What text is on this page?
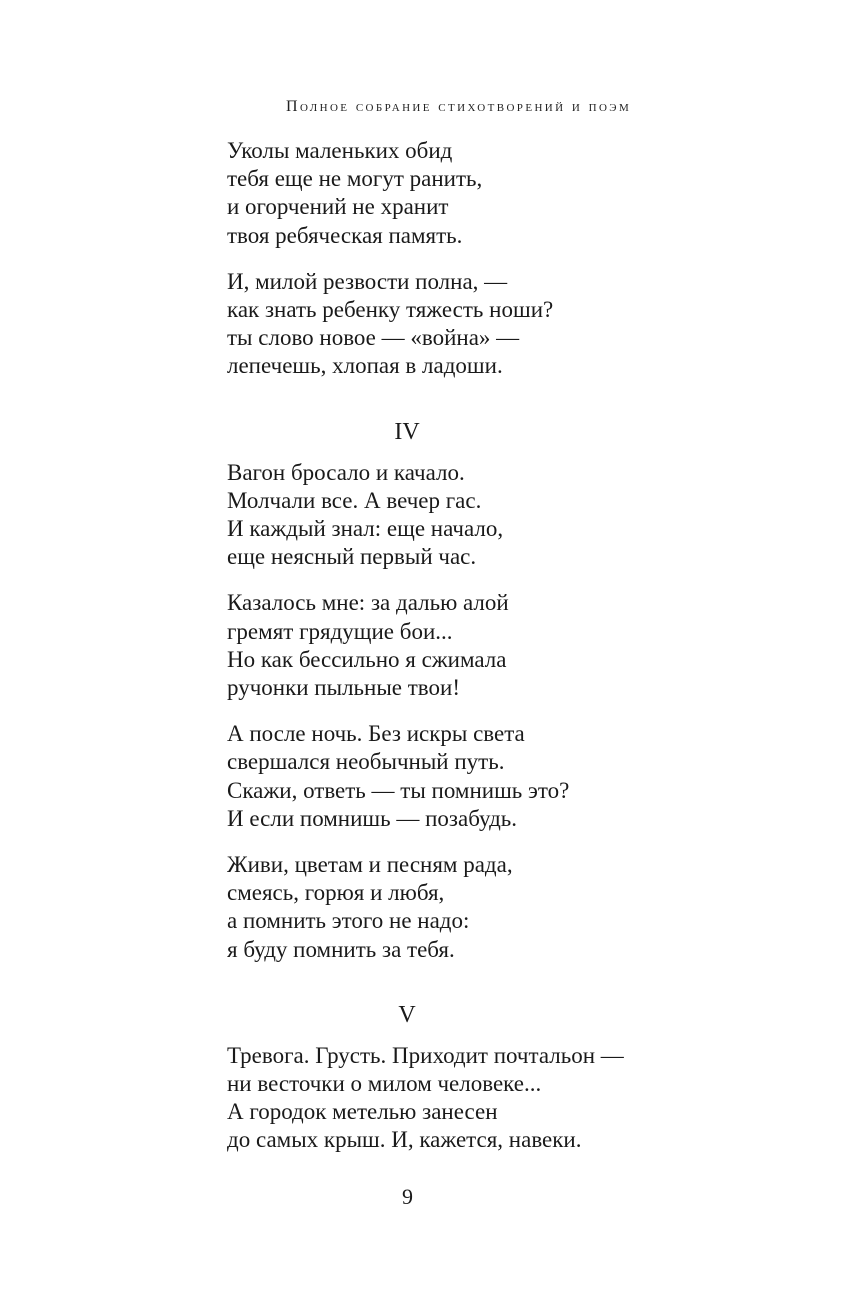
Полное собрание стихотворений и поэм
Уколы маленьких обид
тебя еще не могут ранить,
и огорчений не хранит
твоя ребяческая память.
И, милой резвости полна, —
как знать ребенку тяжесть ноши?
ты слово новое — «война» —
лепечешь, хлопая в ладоши.
IV
Вагон бросало и качало.
Молчали все. А вечер гас.
И каждый знал: еще начало,
еще неясный первый час.
Казалось мне: за далью алой
гремят грядущие бои...
Но как бессильно я сжимала
ручонки пыльные твои!
А после ночь. Без искры света
свершался необычный путь.
Скажи, ответь — ты помнишь это?
И если помнишь — позабудь.
Живи, цветам и песням рада,
смеясь, горюя и любя,
а помнить этого не надо:
я буду помнить за тебя.
V
Тревога. Грусть. Приходит почтальон —
ни весточки о милом человеке...
А городок метелью занесен
до самых крыш. И, кажется, навеки.
9
